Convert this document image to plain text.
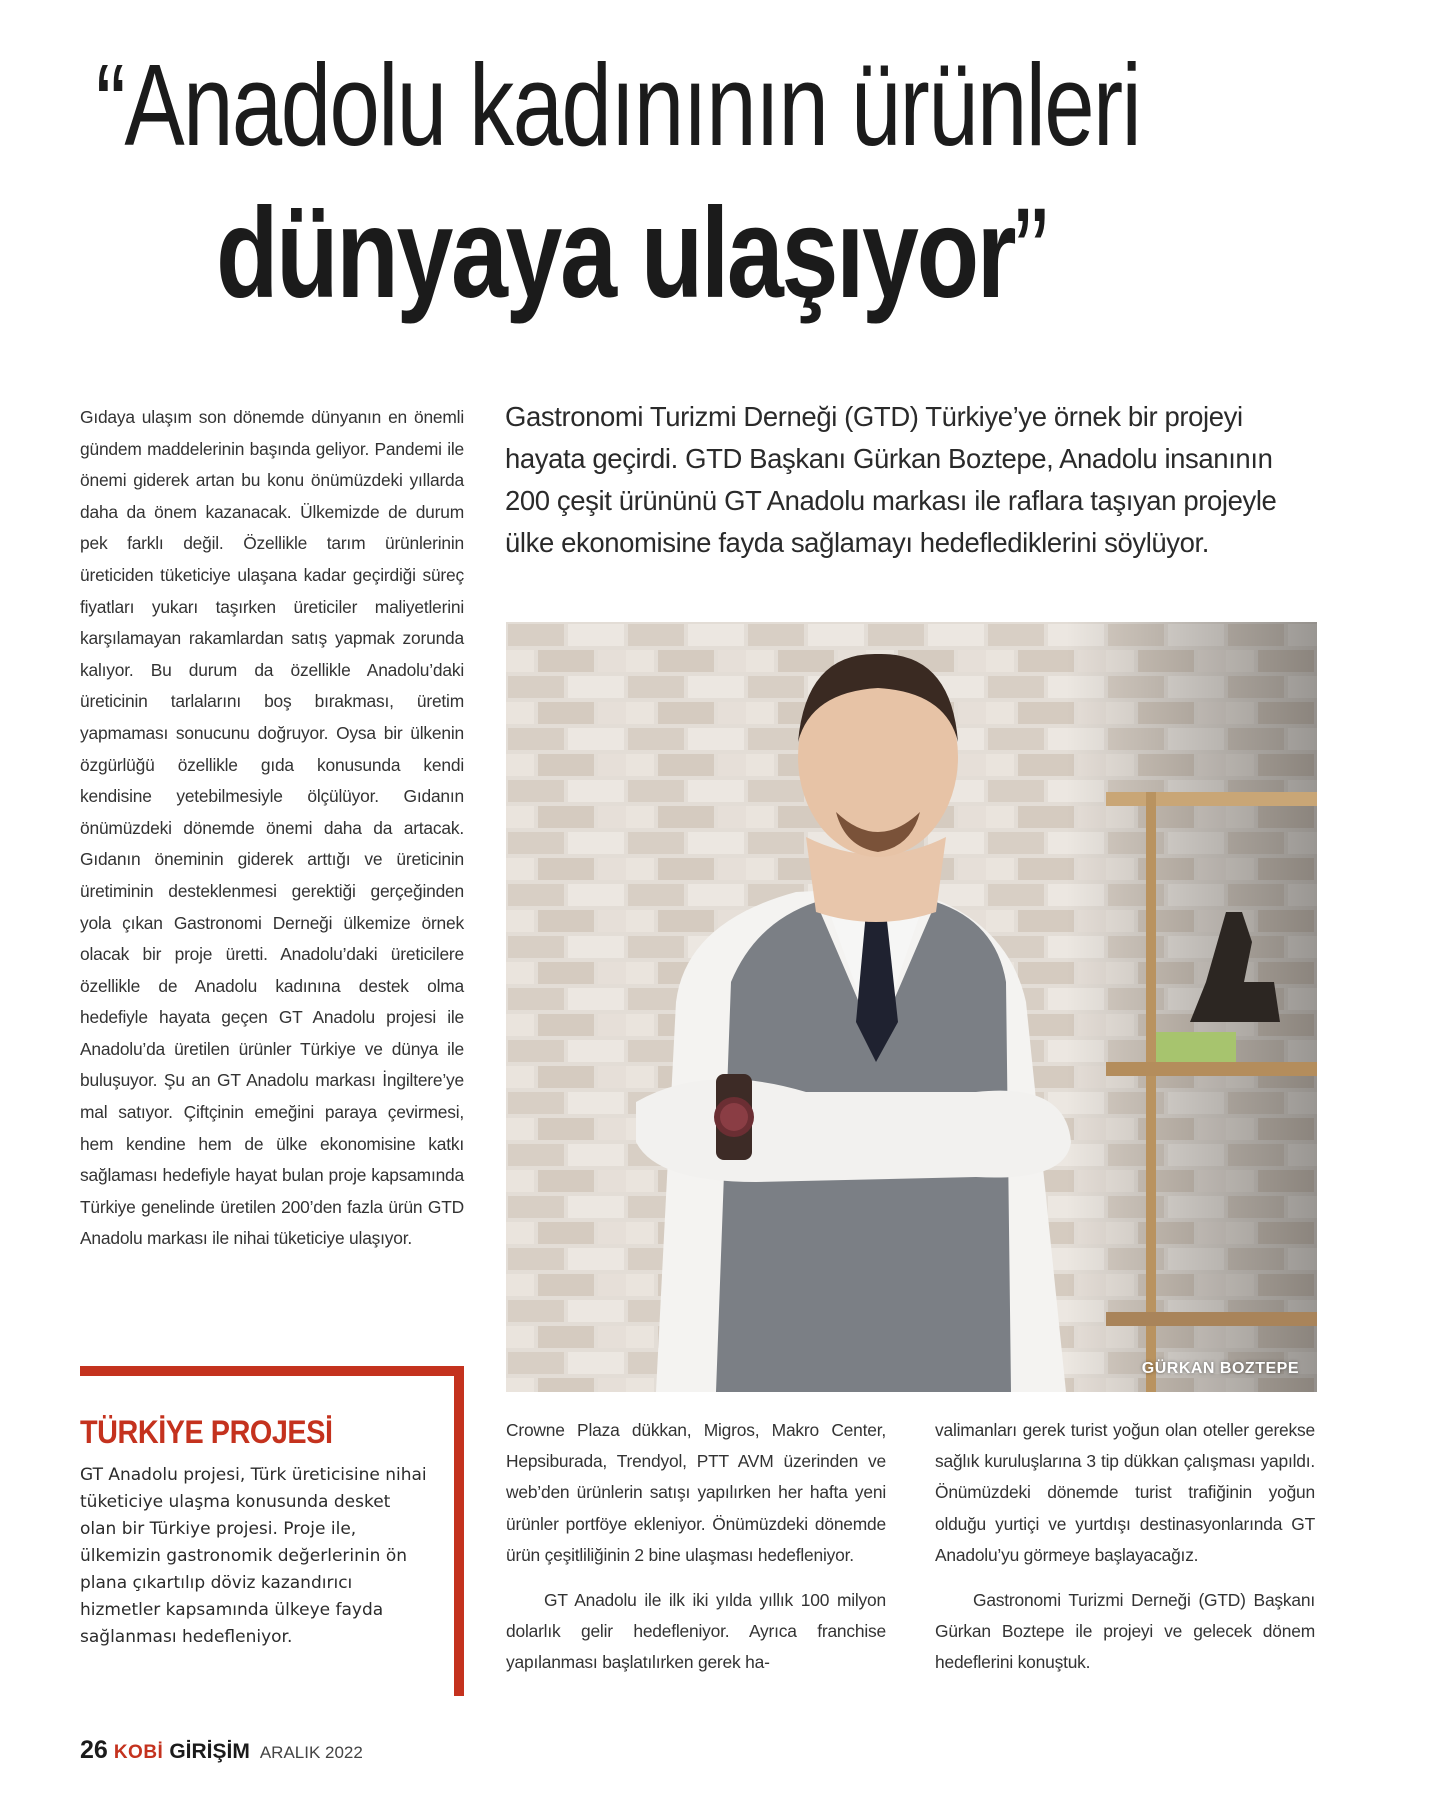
“Anadolu kadınının ürünleri
dünyaya ulaşıyor”

Gıdaya ulaşım son dönemde dünyanın en önemli gündem maddelerinin başında geliyor. Pandemi ile önemi giderek artan bu konu önümüzdeki yıllarda daha da önem kazanacak. Ülkemizde de durum pek farklı değil. Özellikle tarım ürünlerinin üreticiden tüketiciye ulaşana kadar geçirdiği süreç fiyatları yukarı taşırken üreticiler maliyetlerini karşılamayan rakamlardan satış yapmak zorunda kalıyor. Bu durum da özellikle Anadolu’daki üreticinin tarlalarını boş bırakması, üretim yapmaması sonucunu doğruyor. Oysa bir ülkenin özgürlüğü özellikle gıda konusunda kendi kendisine yetebilmesiyle ölçülüyor. Gıdanın önümüzdeki dönemde önemi daha da artacak. Gıdanın öneminin giderek arttığı ve üreticinin üretiminin desteklenmesi gerektiği gerçeğinden yola çıkan Gastronomi Derneği ülkemize örnek olacak bir proje üretti. Anadolu’daki üreticilere özellikle de Anadolu kadınına destek olma hedefiyle hayata geçen GT Anadolu projesi ile Anadolu’da üretilen ürünler Türkiye ve dünya ile buluşuyor. Şu an GT Anadolu markası İngiltere’ye mal satıyor. Çiftçinin emeğini paraya çevirmesi, hem kendine hem de ülke ekonomisine katkı sağlaması hedefiyle hayat bulan proje kapsamında Türkiye genelinde üretilen 200’den fazla ürün GTD Anadolu markası ile nihai tüketiciye ulaşıyor.

Gastronomi Turizmi Derneği (GTD) Türkiye’ye örnek bir projeyi hayata geçirdi. GTD Başkanı Gürkan Boztepe, Anadolu insanının 200 çeşit ürününü GT Anadolu markası ile raflara taşıyan projeyle ülke ekonomisine fayda sağlamayı hedeflediklerini söylüyor.

GÜRKAN BOZTEPE
TÜRKİYE PROJESİ

GT Anadolu projesi, Türk üreticisine nihai tüketiciye ulaşma konusunda desket olan bir Türkiye projesi. Proje ile, ülkemizin gastronomik değerlerinin ön plana çıkartılıp döviz kazandırıcı hizmetler kapsamında ülkeye fayda sağlanması hedefleniyor.

Crowne Plaza dükkan, Migros, Makro Center, Hepsiburada, Trendyol, PTT AVM üzerinden ve web’den ürünlerin satışı yapılırken her hafta yeni ürünler portföye ekleniyor. Önümüzdeki dönemde ürün çeşitliliğinin 2 bine ulaşması hedefleniyor.

GT Anadolu ile ilk iki yılda yıllık 100 milyon dolarlık gelir hedefleniyor. Ayrıca franchise yapılanması başlatılırken gerek ha-

valimanları gerek turist yoğun olan oteller gerekse sağlık kuruluşlarına 3 tip dükkan çalışması yapıldı. Önümüzdeki dönemde turist trafiğinin yoğun olduğu yurtiçi ve yurtdışı destinasyonlarında GT Anadolu’yu görmeye başlayacağız.

Gastronomi Turizmi Derneği (GTD) Başkanı Gürkan Boztepe ile projeyi ve gelecek dönem hedeflerini konuştuk.

26 KOBİ GİRİŞİM ARALIK 2022
